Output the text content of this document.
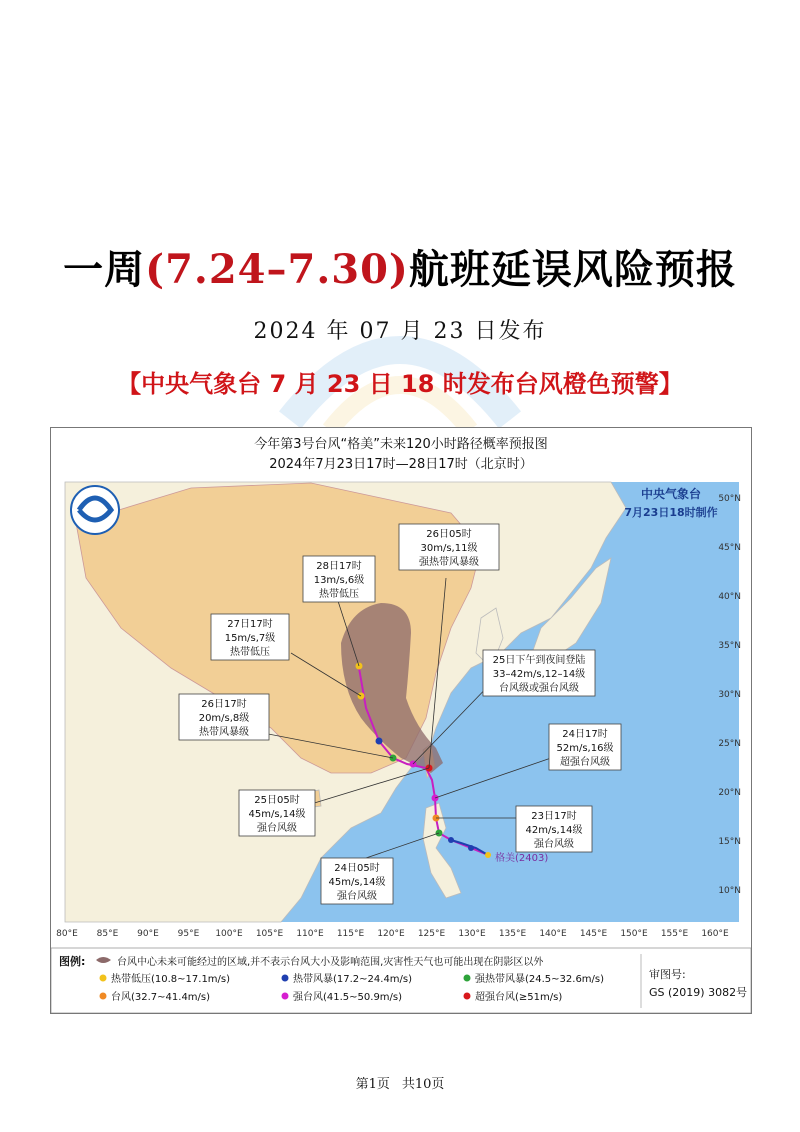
一周(7.24–7.30)航班延误风险预报
2024 年 07 月 23 日发布
【中央气象台 7 月 23 日 18 时发布台风橙色预警】
格美(2403)
80°E 85°E 90°E 95°E 100°E 105°E 110°E 115°E 120°E 125°E 130°E 135°E 140°E 145°E 150°E 155°E 160°E
10°N
15°N
20°N
25°N
30°N
35°N
40°N
45°N
50°N
今年第3号台风“格美”未来120小时路径概率预报图
2024年7月23日17时—28日17时（北京时）
中央气象台
7月23日18时制作
28日17时
13m/s,6级
热带低压
27日17时
15m/s,7级
热带低压
26日17时
20m/s,8级
热带风暴级
26日05时
30m/s,11级
强热带风暴级
25日下午到夜间登陆
33–42m/s,12–14级
台风级或强台风级
24日17时
52m/s,16级
超强台风级
23日17时
42m/s,14级
强台风级
25日05时
45m/s,14级
强台风级
24日05时
45m/s,14级
强台风级
图例:	台风中心未来可能经过的区域,并不表示台风大小及影响范围,灾害性天气也可能出现在阴影区以外
热带低压(10.8~17.1m/s)	热带风暴(17.2~24.4m/s)	强热带风暴(24.5~32.6m/s)
台风(32.7~41.4m/s)	强台风(41.5~50.9m/s)	超强台风(≥51m/s)
审图号:
GS (2019) 3082号
第1页 共10页
